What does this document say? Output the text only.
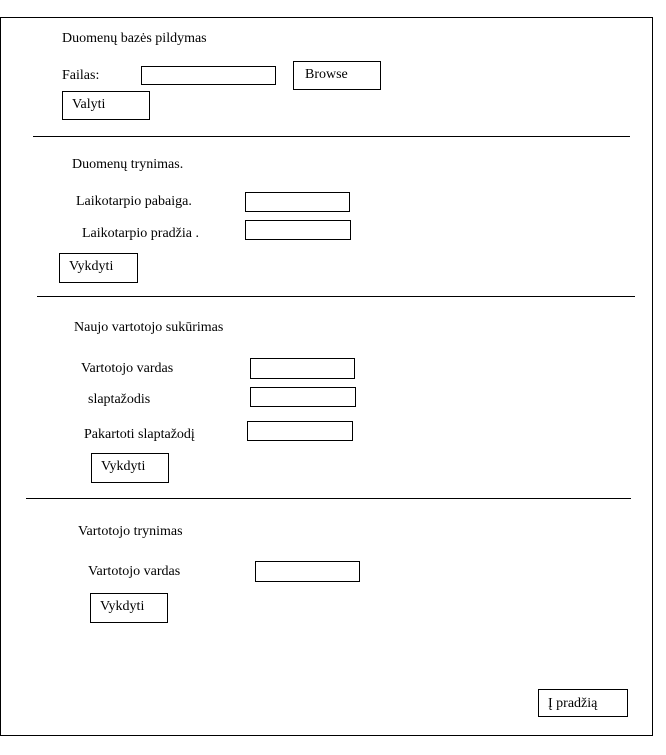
Duomenų bazės pildymas
Failas:	Browse
Valyti
Duomenų trynimas.
Laikotarpio pabaiga.
Laikotarpio pradžia .
Vykdyti
Naujo vartotojo sukūrimas
Vartotojo vardas
slaptažodis
Pakartoti slaptažodį
Vykdyti
Vartotojo trynimas
Vartotojo vardas
Vykdyti
Į pradžią
